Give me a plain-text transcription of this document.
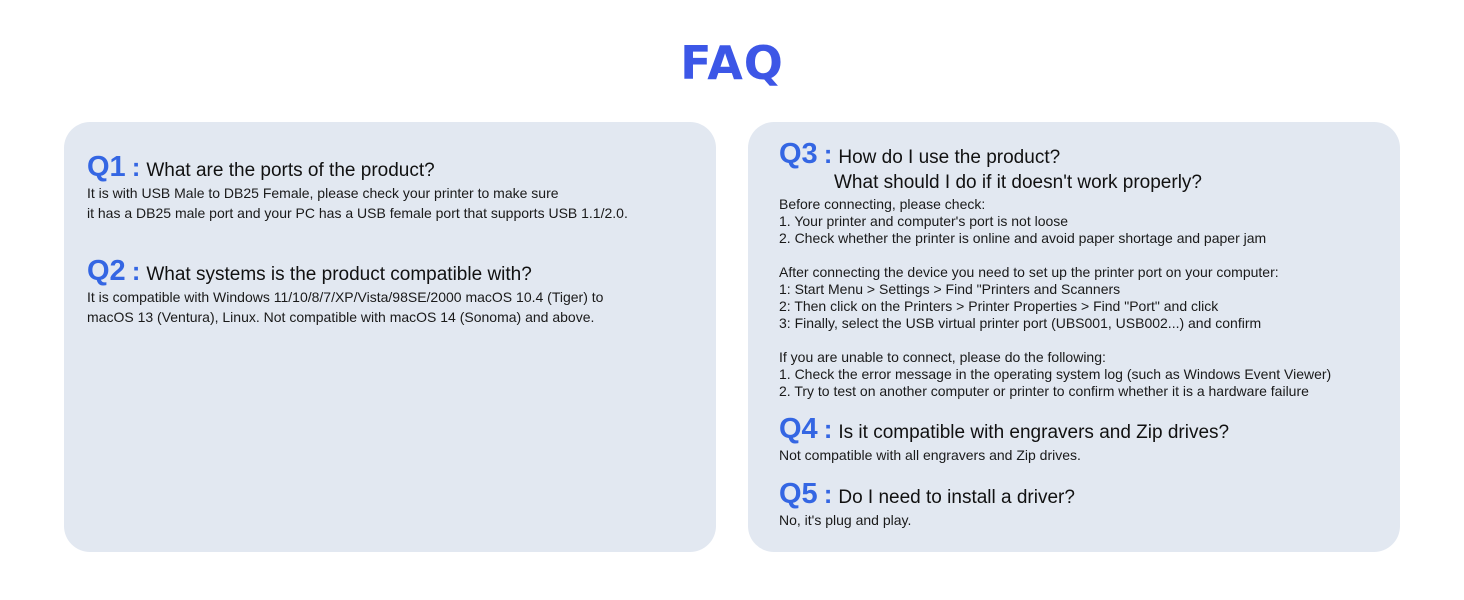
FAQ
Q1 : What are the ports of the product?
It is with USB Male to DB25 Female, please check your printer to make sure
it has a DB25 male port and your PC has a USB female port that supports USB 1.1/2.0.
Q2 : What systems is the product compatible with?
It is compatible with Windows 11/10/8/7/XP/Vista/98SE/2000 macOS 10.4 (Tiger) to
macOS 13 (Ventura), Linux. Not compatible with macOS 14 (Sonoma) and above.
Q3 : How do I use the product?
What should I do if it doesn't work properly?
Before connecting, please check:
1. Your printer and computer's port is not loose
2. Check whether the printer is online and avoid paper shortage and paper jam
After connecting the device you need to set up the printer port on your computer:
1: Start Menu > Settings > Find "Printers and Scanners
2: Then click on the Printers > Printer Properties > Find "Port" and click
3: Finally, select the USB virtual printer port (UBS001, USB002...) and confirm
If you are unable to connect, please do the following:
1. Check the error message in the operating system log (such as Windows Event Viewer)
2. Try to test on another computer or printer to confirm whether it is a hardware failure
Q4 : Is it compatible with engravers and Zip drives?
Not compatible with all engravers and Zip drives.
Q5 : Do I need to install a driver?
No, it's plug and play.
